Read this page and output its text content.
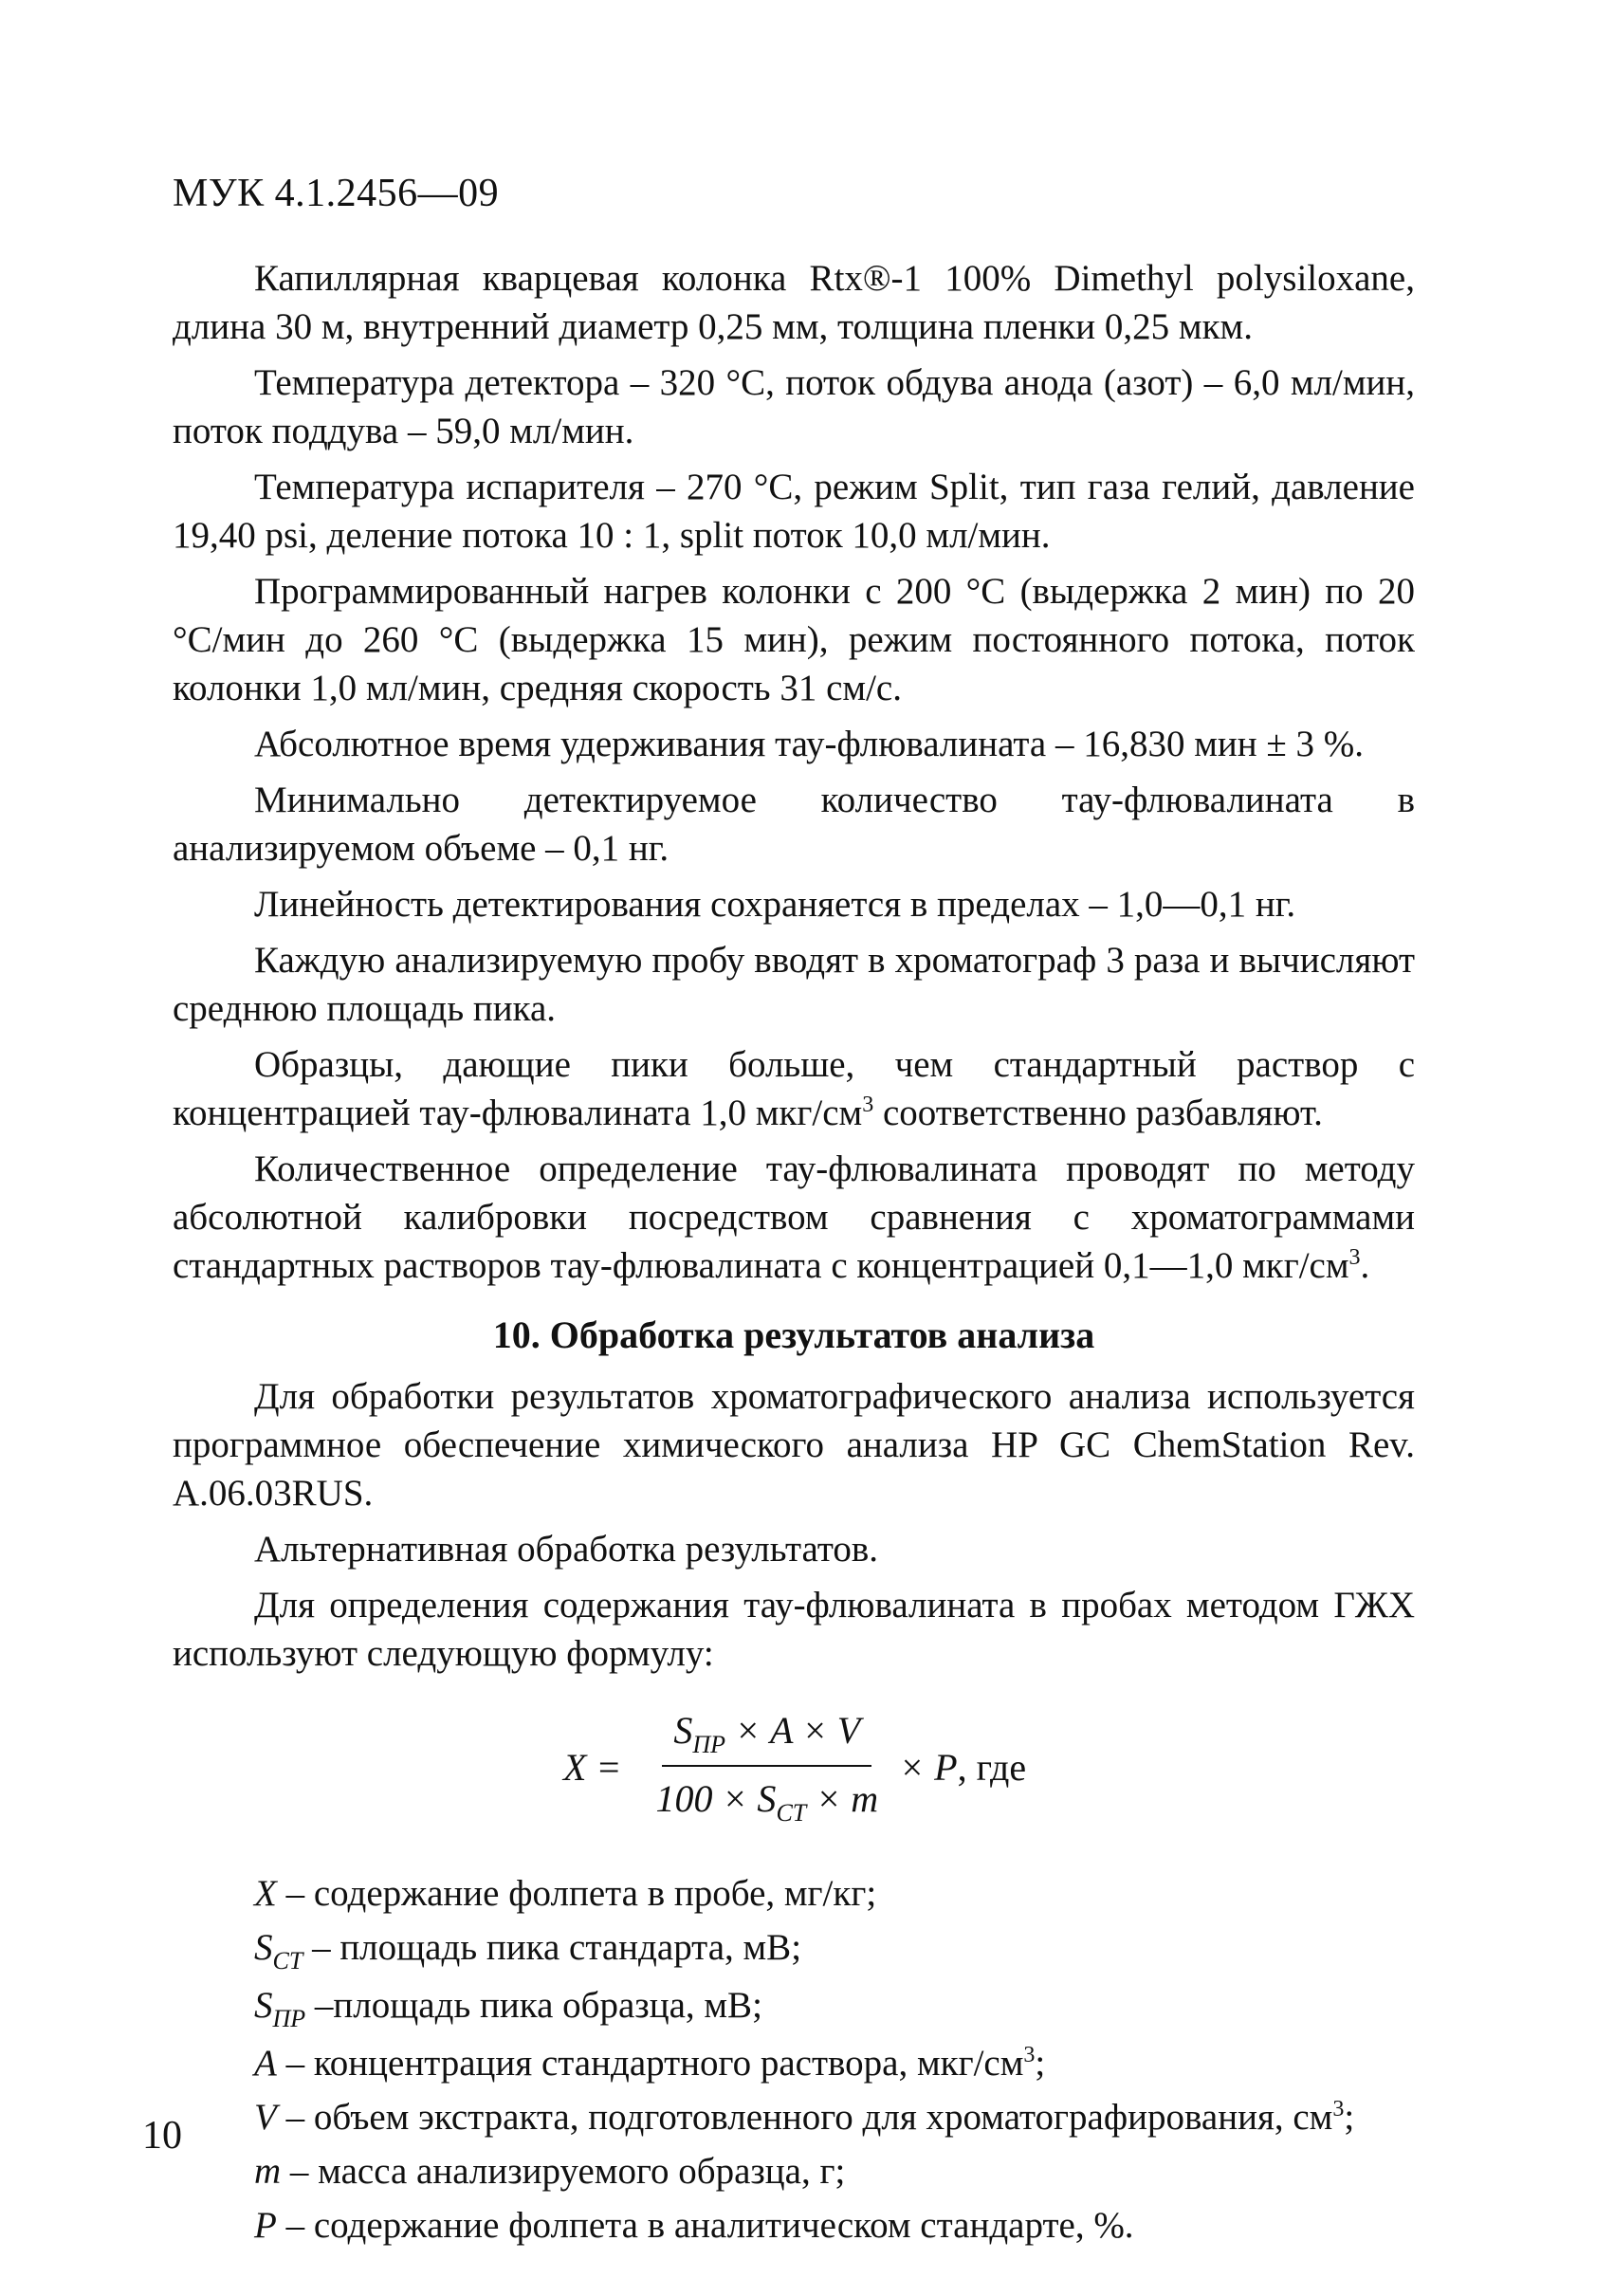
МУК 4.1.2456—09

Капиллярная кварцевая колонка Rtx®-1 100% Dimethyl polysiloxane, длина 30 м, внутренний диаметр 0,25 мм, толщина пленки 0,25 мкм.

Температура детектора – 320 °С, поток обдува анода (азот) – 6,0 мл/мин, поток поддува – 59,0 мл/мин.

Температура испарителя – 270 °С, режим Split, тип газа гелий, давление 19,40 psi, деление потока 10 : 1, split поток 10,0 мл/мин.

Программированный нагрев колонки с 200 °С (выдержка 2 мин) по 20 °С/мин до 260 °С (выдержка 15 мин), режим постоянного потока, поток колонки 1,0 мл/мин, средняя скорость 31 см/с.

Абсолютное время удерживания тау-флювалината – 16,830 мин ± 3 %.

Минимально детектируемое количество тау-флювалината в анализируемом объеме – 0,1 нг.

Линейность детектирования сохраняется в пределах – 1,0—0,1 нг.

Каждую анализируемую пробу вводят в хроматограф 3 раза и вычисляют среднюю площадь пика.

Образцы, дающие пики больше, чем стандартный раствор с концентрацией тау-флювалината 1,0 мкг/$см^3$ соответственно разбавляют.

Количественное определение тау-флювалината проводят по методу абсолютной калибровки посредством сравнения с хроматограммами стандартных растворов тау-флювалината с концентрацией 0,1—1,0 мкг/$см^3$.

10. Обработка результатов анализа

Для обработки результатов хроматографического анализа используется программное обеспечение химического анализа HP GC ChemStation Rev. A.06.03RUS.

Альтернативная обработка результатов.

Для определения содержания тау-флювалината в пробах методом ГЖХ используют следующую формулу:

$X = \frac{S_{ПР} \times A \times V}{100 \times S_{CT} \times m} \times P$, где

X – содержание фолпета в пробе, мг/кг;

$S_{CT}$ – площадь пика стандарта, мВ;

$S_{ПР}$ –площадь пика образца, мВ;

A – концентрация стандартного раствора, мкг/$см^3$;

V – объем экстракта, подготовленного для хроматографирования, $см^3$;

m – масса анализируемого образца, г;

P – содержание фолпета в аналитическом стандарте, %.

10
